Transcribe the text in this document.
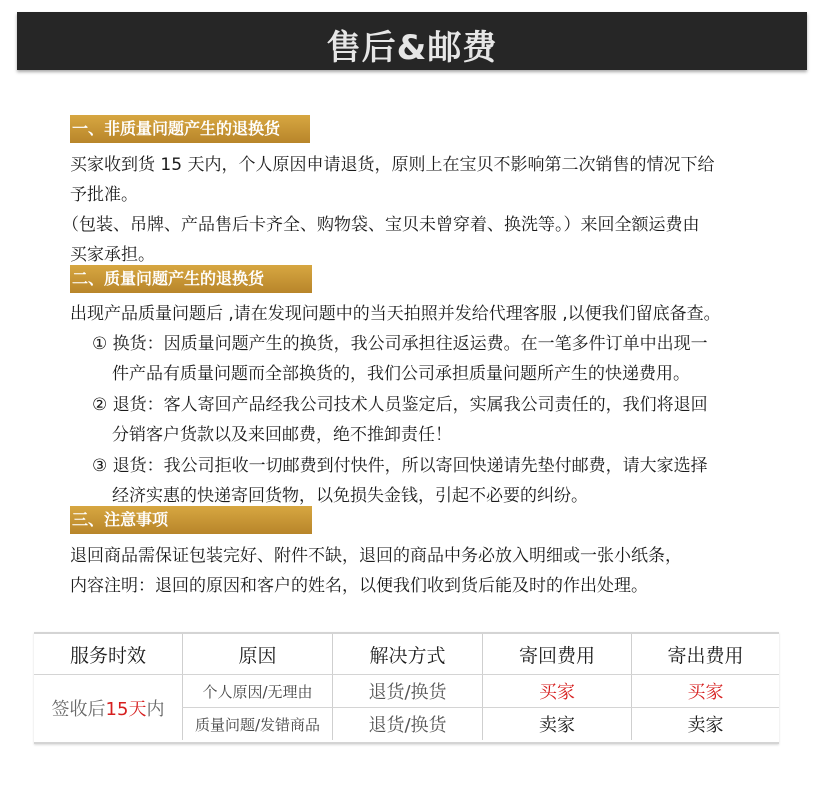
售后&邮费
一、非质量问题产生的退换货
买家收到货 15 天内，个人原因申请退货，原则上在宝贝不影响第二次销售的情况下给
予批准。
（包装、吊牌、产品售后卡齐全、购物袋、宝贝未曾穿着、换洗等。）来回全额运费由
买家承担。
二、质量问题产生的退换货
出现产品质量问题后 ,请在发现问题中的当天拍照并发给代理客服 ,以便我们留底备查。
① 换货：因质量问题产生的换货，我公司承担往返运费。在一笔多件订单中出现一
件产品有质量问题而全部换货的，我们公司承担质量问题所产生的快递费用。
② 退货：客人寄回产品经我公司技术人员鉴定后，实属我公司责任的，我们将退回
分销客户货款以及来回邮费，绝不推卸责任！
③ 退货：我公司拒收一切邮费到付快件，所以寄回快递请先垫付邮费，请大家选择
经济实惠的快递寄回货物，以免损失金钱，引起不必要的纠纷。
三、注意事项
退回商品需保证包装完好、附件不缺，退回的商品中务必放入明细或一张小纸条，
内容注明：退回的原因和客户的姓名，以便我们收到货后能及时的作出处理。
服务时效	原因	解决方式	寄回费用	寄出费用
签收后 15天 内
个人原因/无理由	退货/换货	买家	买家
质量问题/发错商品	退货/换货	卖家	卖家
